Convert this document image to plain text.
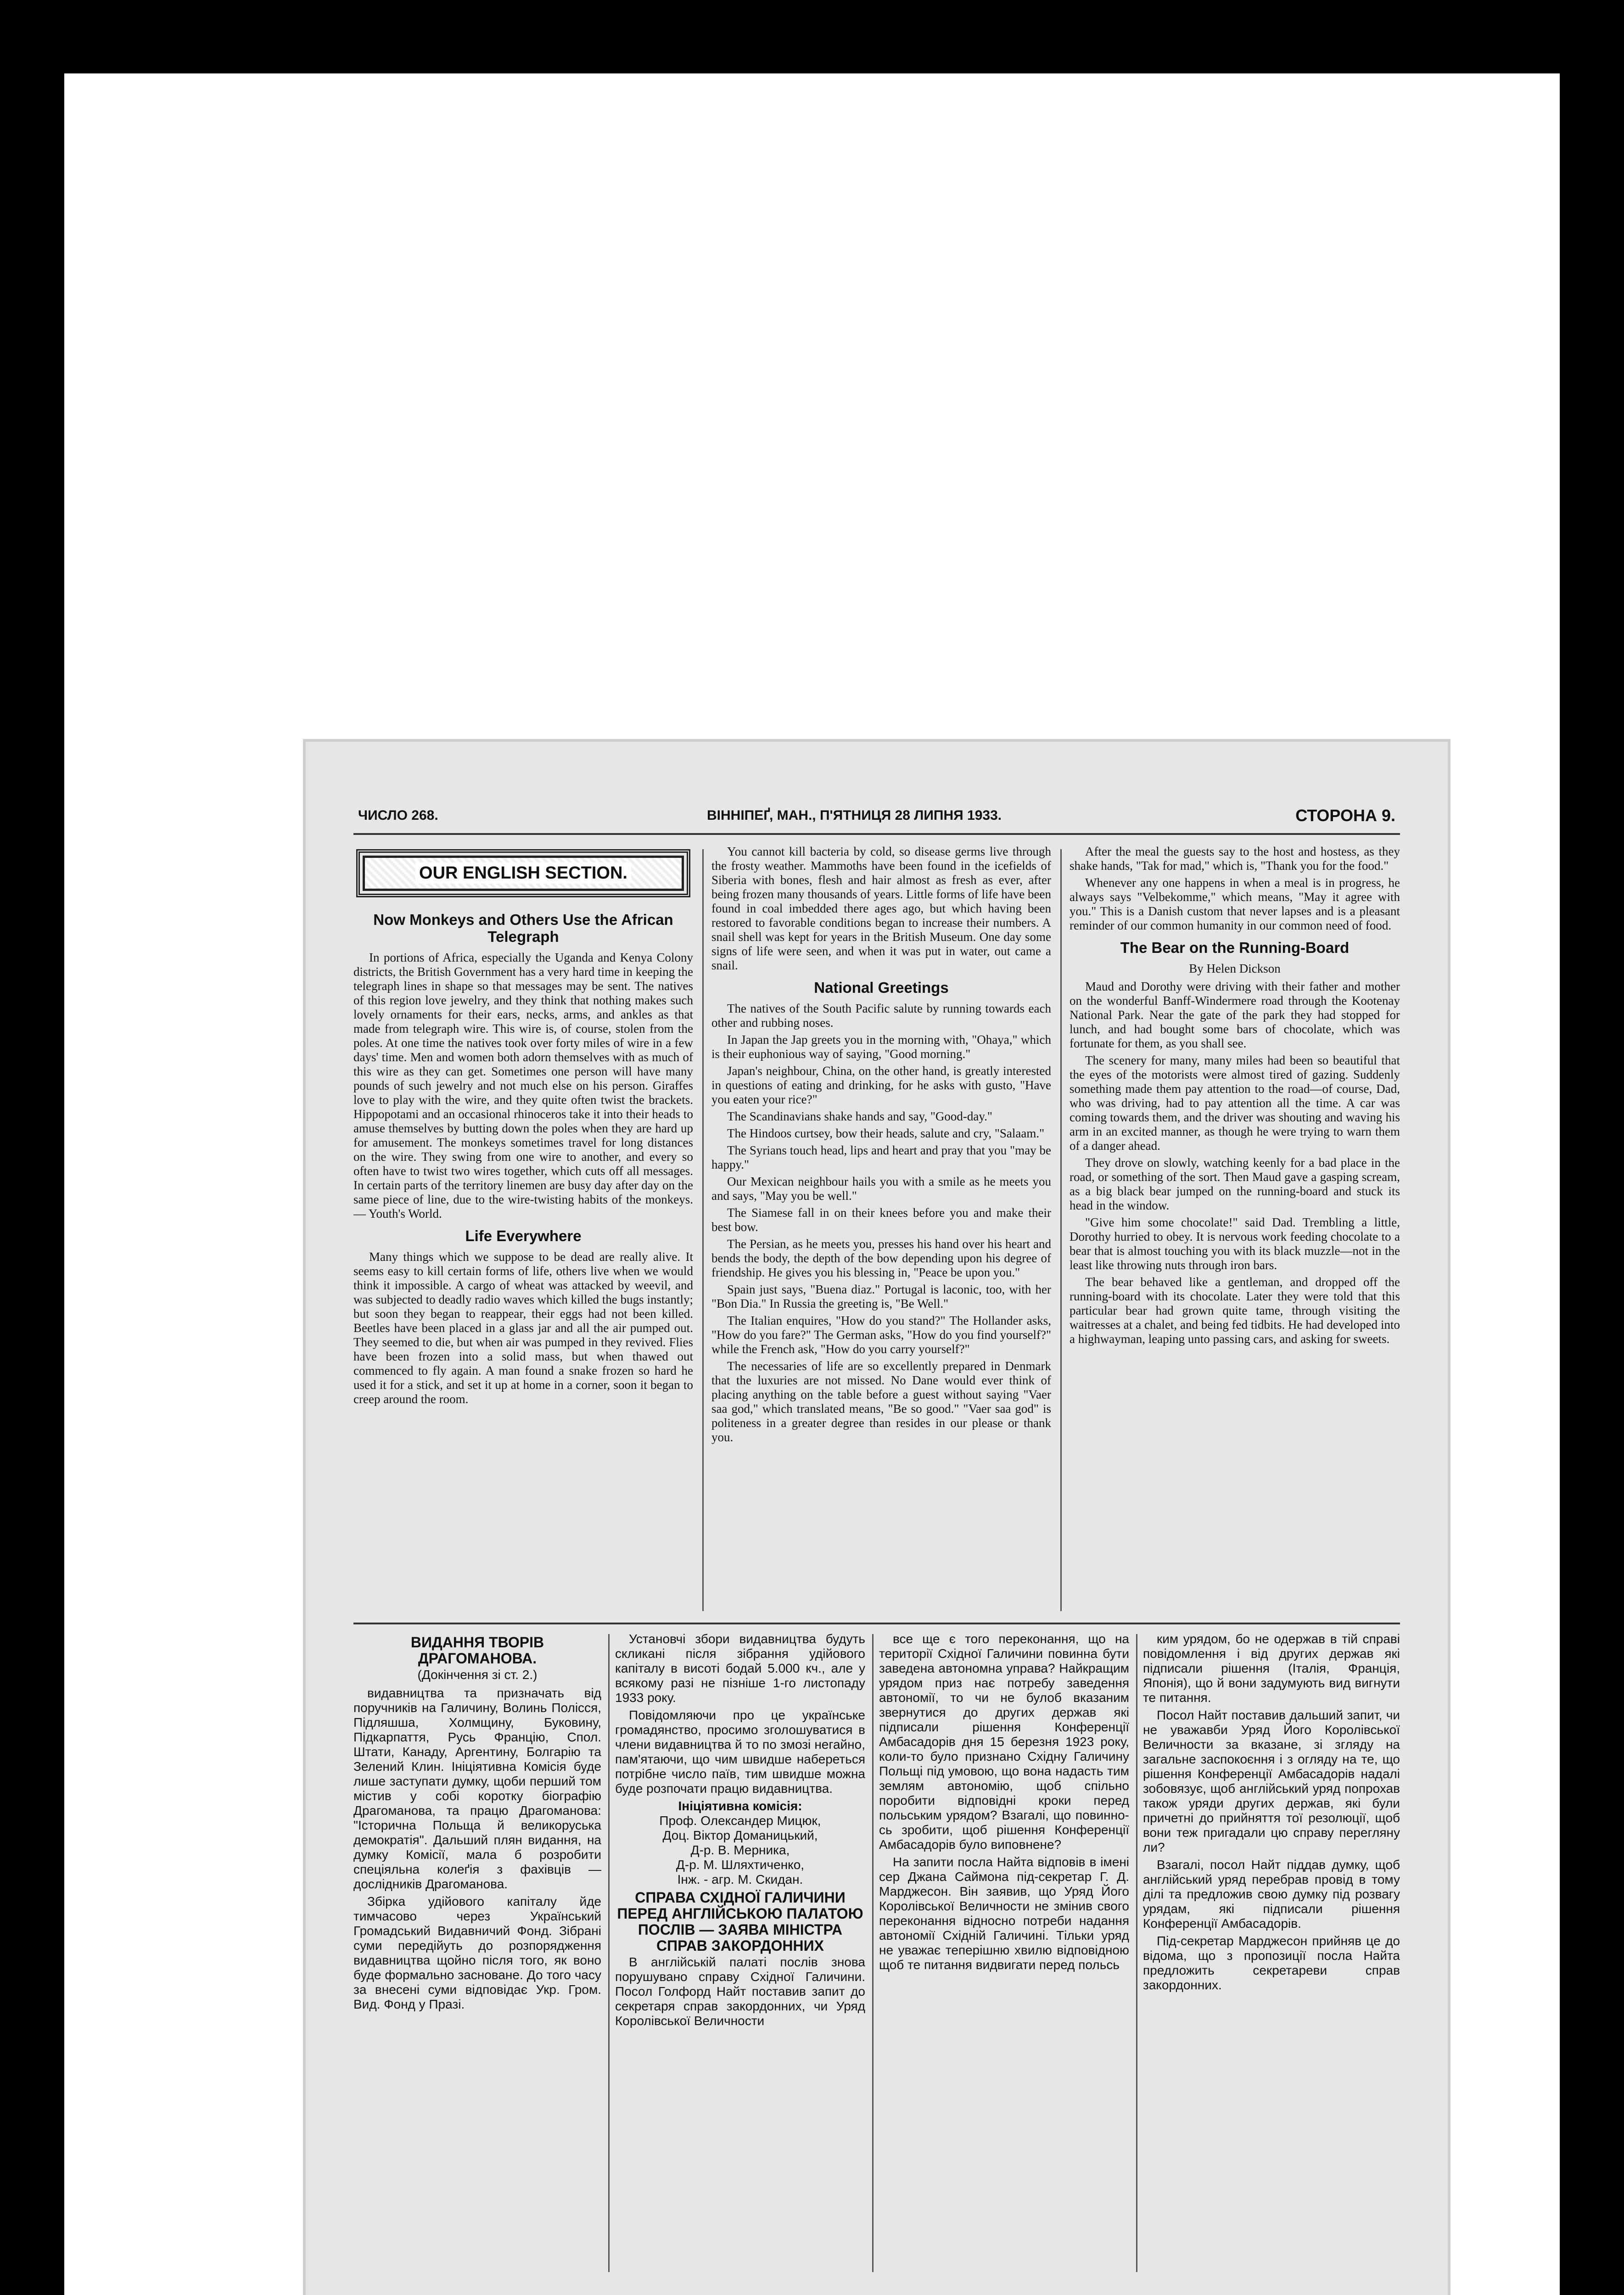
ЧИСЛО 268.	ВІННІПЕҐ, МАН., П'ЯТНИЦЯ 28 ЛИПНЯ 1933.	СТОРОНА 9.
OUR ENGLISH SECTION.
Now Monkeys and Others Use the African Telegraph

In portions of Africa, especially the Uganda and Kenya Colony districts, the British Government has a very hard time in keeping the telegraph lines in shape so that messages may be sent. The natives of this region love jewelry, and they think that nothing makes such lovely ornaments for their ears, necks, arms, and ankles as that made from telegraph wire. This wire is, of course, stolen from the poles. At one time the natives took over forty miles of wire in a few days' time. Men and women both adorn themselves with as much of this wire as they can get. Sometimes one person will have many pounds of such jewelry and not much else on his person. Giraffes love to play with the wire, and they quite often twist the brackets. Hippopotami and an occasional rhinoceros take it into their heads to amuse themselves by butting down the poles when they are hard up for amusement. The monkeys sometimes travel for long distances on the wire. They swing from one wire to another, and every so often have to twist two wires together, which cuts off all messages. In certain parts of the territory linemen are busy day after day on the same piece of line, due to the wire-twisting habits of the monkeys. — Youth's World.

Life Everywhere

Many things which we suppose to be dead are really alive. It seems easy to kill certain forms of life, others live when we would think it impossible. A cargo of wheat was attacked by weevil, and was subjected to deadly radio waves which killed the bugs instantly; but soon they began to reappear, their eggs had not been killed. Beetles have been placed in a glass jar and all the air pumped out. They seemed to die, but when air was pumped in they revived. Flies have been frozen into a solid mass, but when thawed out commenced to fly again. A man found a snake frozen so hard he used it for a stick, and set it up at home in a corner, soon it began to creep around the room.

You cannot kill bacteria by cold, so disease germs live through the frosty weather. Mammoths have been found in the icefields of Siberia with bones, flesh and hair almost as fresh as ever, after being frozen many thousands of years. Little forms of life have been found in coal imbedded there ages ago, but which having been restored to favorable conditions began to increase their numbers. A snail shell was kept for years in the British Museum. One day some signs of life were seen, and when it was put in water, out came a snail.

National Greetings

The natives of the South Pacific salute by running towards each other and rubbing noses.

In Japan the Jap greets you in the morning with, "Ohaya," which is their euphonious way of saying, "Good morning."

Japan's neighbour, China, on the other hand, is greatly interested in questions of eating and drinking, for he asks with gusto, "Have you eaten your rice?"

The Scandinavians shake hands and say, "Good-day."

The Hindoos curtsey, bow their heads, salute and cry, "Salaam."

The Syrians touch head, lips and heart and pray that you "may be happy."

Our Mexican neighbour hails you with a smile as he meets you and says, "May you be well."

The Siamese fall in on their knees before you and make their best bow.

The Persian, as he meets you, presses his hand over his heart and bends the body, the depth of the bow depending upon his degree of friendship. He gives you his blessing in, "Peace be upon you."

Spain just says, "Buena diaz." Portugal is laconic, too, with her "Bon Dia." In Russia the greeting is, "Be Well."

The Italian enquires, "How do you stand?" The Hollander asks, "How do you fare?" The German asks, "How do you find yourself?" while the French ask, "How do you carry yourself?"

The necessaries of life are so excellently prepared in Denmark that the luxuries are not missed. No Dane would ever think of placing anything on the table before a guest without saying "Vaer saa god," which translated means, "Be so good." "Vaer saa god" is politeness in a greater degree than resides in our please or thank you.

After the meal the guests say to the host and hostess, as they shake hands, "Tak for mad," which is, "Thank you for the food."

Whenever any one happens in when a meal is in progress, he always says "Velbekomme," which means, "May it agree with you." This is a Danish custom that never lapses and is a pleasant reminder of our common humanity in our common need of food.

The Bear on the Running-Board
By Helen Dickson

Maud and Dorothy were driving with their father and mother on the wonderful Banff-Windermere road through the Kootenay National Park. Near the gate of the park they had stopped for lunch, and had bought some bars of chocolate, which was fortunate for them, as you shall see.

The scenery for many, many miles had been so beautiful that the eyes of the motorists were almost tired of gazing. Suddenly something made them pay attention to the road—of course, Dad, who was driving, had to pay attention all the time. A car was coming towards them, and the driver was shouting and waving his arm in an excited manner, as though he were trying to warn them of a danger ahead.

They drove on slowly, watching keenly for a bad place in the road, or something of the sort. Then Maud gave a gasping scream, as a big black bear jumped on the running-board and stuck its head in the window.

"Give him some chocolate!" said Dad. Trembling a little, Dorothy hurried to obey. It is nervous work feeding chocolate to a bear that is almost touching you with its black muzzle—not in the least like throwing nuts through iron bars.

The bear behaved like a gentleman, and dropped off the running-board with its chocolate. Later they were told that this particular bear had grown quite tame, through visiting the waitresses at a chalet, and being fed tidbits. He had developed into a highwayman, leaping unto passing cars, and asking for sweets.

ВИДАННЯ ТВОРІВ ДРАГОМАНОВА.
(Докінчення зі ст. 2.)

видавництва та призначать від поручників на Галичину, Волинь Полісся, Підляшша, Холмщину, Буковину, Підкарпаття, Русь Францію, Спол. Штати, Канаду, Аргентину, Болгарію та Зелений Клин. Ініціятивна Комісія буде лише заступати думку, щоби перший том містив у собі коротку біографію Драгоманова, та працю Драгоманова: "Історична Польща й великоруська демократія". Дальший плян видання, на думку Комісії, мала б розробити спеціяльна колеґія з фахівців — дослідників Драгоманова.

Збірка удійового капіталу йде тимчасово через Український Громадський Видавничий Фонд. Зібрані суми передійуть до розпорядження видавництва щойно після того, як воно буде формально засноване. До того часу за внесені суми відповідає Укр. Гром. Вид. Фонд у Празі.

Установчі збори видавництва будуть скликані після зібрання удійового капіталу в висоті бодай 5.000 кч., але у всякому разі не пізніше 1-го листопаду 1933 року.

Повідомляючи про це українське громадянство, просимо зголошуватися в члени видавництва й то по змозі негайно, пам'ятаючи, що чим швидше набереться потрібне число паїв, тим швидше можна буде розпочати працю видавництва.

Ініціятивна комісія:
Проф. Олександер Мицюк,
Доц. Віктор Доманицький,
Д-р. В. Мерника,
Д-р. М. Шляхтиченко,
Інж. - агр. М. Скидан.
СПРАВА СХІДНОЇ ГАЛИЧИНИ ПЕРЕД АНГЛІЙСЬКОЮ ПАЛАТОЮ ПОСЛІВ — ЗАЯВА МІНІСТРА СПРАВ ЗАКОРДОННИХ

В англійській палаті послів знова порушувано справу Східної Галичини. Посол Голфорд Найт поставив запит до секретаря справ закордонних, чи Уряд Королівської Величности

все ще є того переконання, що на території Східної Галичини повинна бути заведена автономна управа? Найкращим урядом приз нає потребу заведення автономії, то чи не булоб вказаним звернутися до других держав які підписали рішення Конференції Амбасадорів дня 15 березня 1923 року, коли-то було признано Східну Галичину Польщі під умовою, що вона надасть тим землям автономію, щоб спільно поробити відповідні кроки перед польським урядом? Взагалі, що повинно-сь зробити, щоб рішення Конференції Амбасадорів було виповнене?

На запити посла Найта відповів в імені сер Джана Саймона під-секретар Г. Д. Марджесон. Він заявив, що Уряд Його Королівської Величности не змінив свого переконання відносно потреби надання автономії Східній Галичині. Тільки уряд не уважає теперішню хвилю відповідною щоб те питання видвигати перед польсь

ким урядом, бо не одержав в тій справі повідомлення і від других держав які підписали рішення (Італія, Франція, Японія), що й вони задумують вид вигнути те питання.

Посол Найт поставив дальший запит, чи не уважавби Уряд Його Королівської Величности за вказане, зі згляду на загальне заспокоєння і з огляду на те, що рішення Конференції Амбасадорів надалі зобовязує, щоб англійський уряд попрохав також уряди других держав, які були причетні до прийняття тої резолюції, щоб вони теж пригадали цю справу перегляну ли?

Взагалі, посол Найт піддав думку, щоб англійський уряд перебрав провід в тому ділі та предложив свою думку під розвагу урядам, які підписали рішення Конференції Амбасадорів.

Під-секретар Марджесон прийняв це до відома, що з пропозиції посла Найта предложить секретареви справ закордонних.
